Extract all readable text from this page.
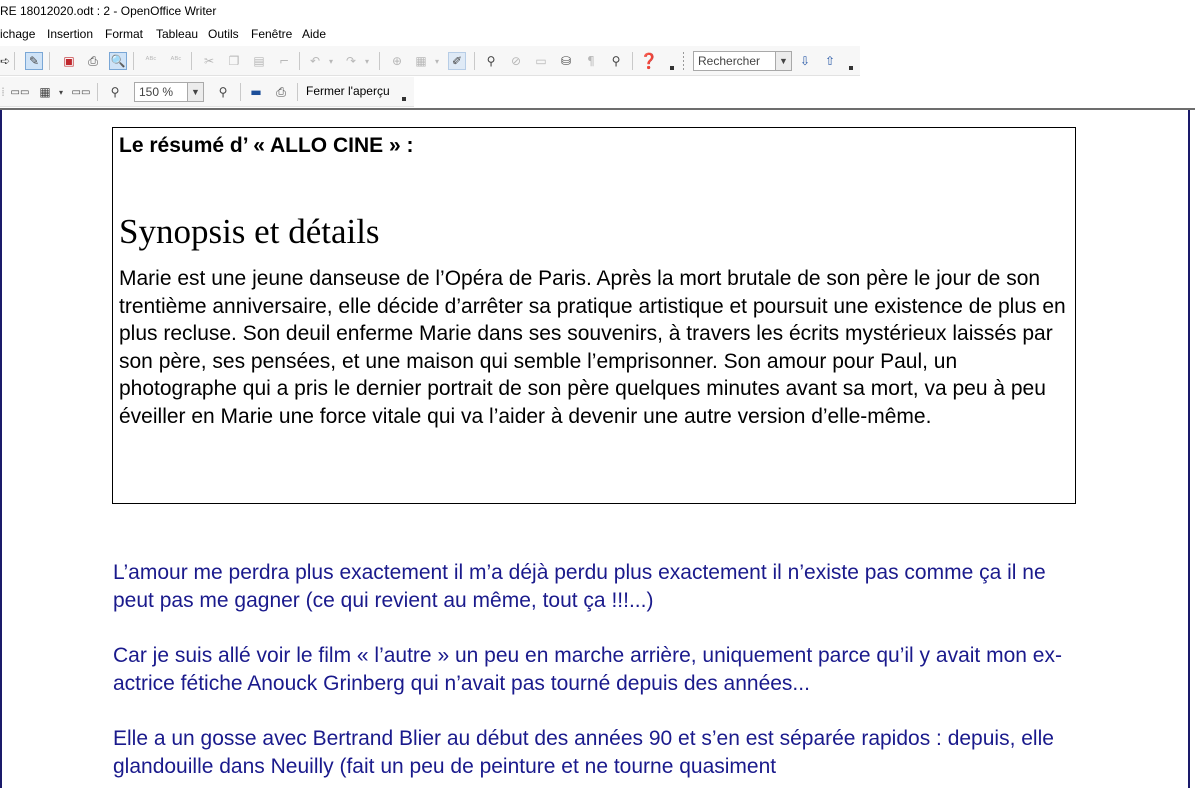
RE 18012020.odt : 2 - OpenOffice Writer
ichage Insertion Format Tableau Outils Fenêtre Aide
➪	✎	▣	⎙	🔍	ᴬᴮᶜ	ᴬᴮᶜ	✂	❐	▤	⌐	↶	▾	↷	▾	⊕	▦	▾	✐	⚲	⊘	▭	⛁	¶	⚲	❓	Rechercher	▼	⇩	⇧
⁞ ▭▭ ▦	▾ ▭▭	⚲	150 %	▼	⚲	▬	⎙	Fermer l'aperçu
Le résumé d’ « ALLO CINE » :
Synopsis et détails
Marie est une jeune danseuse de l’Opéra de Paris. Après la mort brutale de son père le jour de son trentième anniversaire, elle décide d’arrêter sa pratique artistique et poursuit une existence de plus en plus recluse. Son deuil enferme Marie dans ses souvenirs, à travers les écrits mystérieux laissés par son père, ses pensées, et une maison qui semble l’emprisonner. Son amour pour Paul, un photographe qui a pris le dernier portrait de son père quelques minutes avant sa mort, va peu à peu éveiller en Marie une force vitale qui va l’aider à devenir une autre version d’elle-même.
L’amour me perdra plus exactement il m’a déjà perdu plus exactement il n’existe pas comme ça il ne peut pas me gagner (ce qui revient au même, tout ça !!!...)
Car je suis allé voir le film « l’autre » un peu en marche arrière, uniquement parce qu’il y avait mon ex-actrice fétiche Anouck Grinberg qui n’avait pas tourné depuis des années...
Elle a un gosse avec Bertrand Blier au début des années 90 et s’en est séparée rapidos : depuis, elle glandouille dans Neuilly (fait un peu de peinture et ne tourne quasiment
